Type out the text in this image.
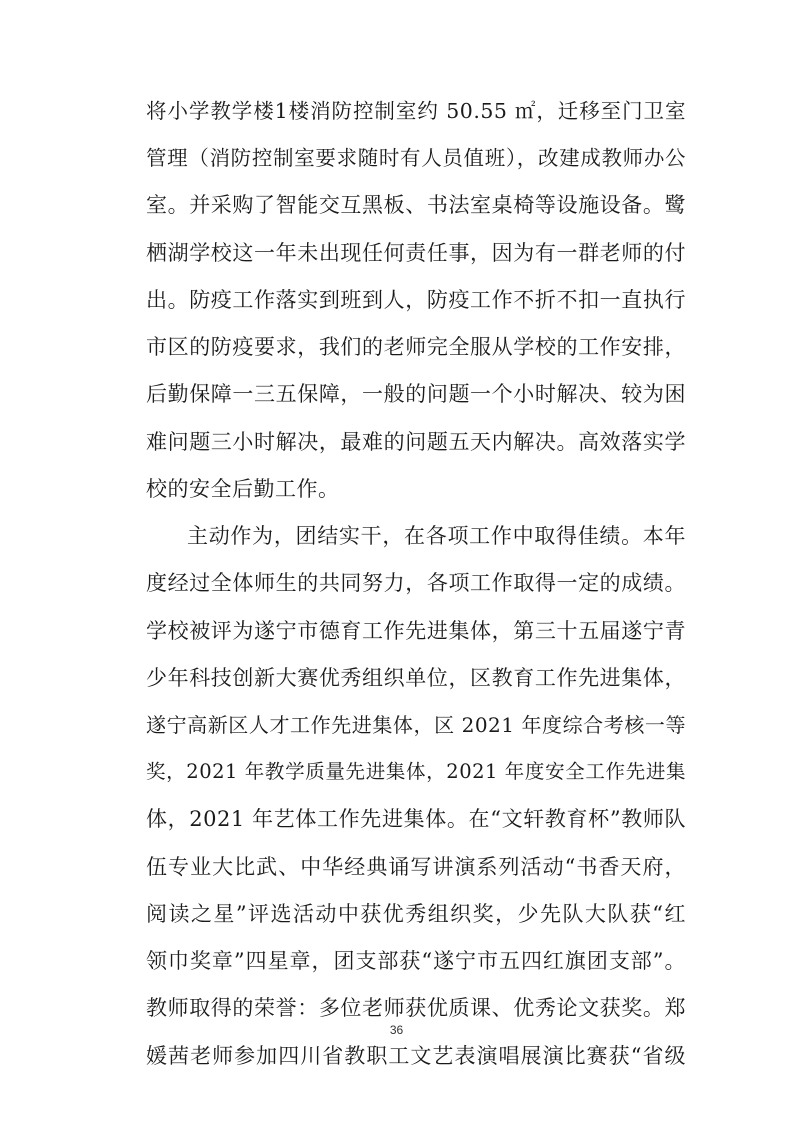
将小学教学楼1楼消防控制室约 50.55 ㎡，迁移至门卫室
管理（消防控制室要求随时有人员值班），改建成教师办公
室。并采购了智能交互黑板、书法室桌椅等设施设备。鹭
栖湖学校这一年未出现任何责任事，因为有一群老师的付
出。防疫工作落实到班到人，防疫工作不折不扣一直执行
市区的防疫要求，我们的老师完全服从学校的工作安排，
后勤保障一三五保障，一般的问题一个小时解决、较为困
难问题三小时解决，最难的问题五天内解决。高效落实学
校的安全后勤工作。
主动作为，团结实干，在各项工作中取得佳绩。本年
度经过全体师生的共同努力，各项工作取得一定的成绩。
学校被评为遂宁市德育工作先进集体，第三十五届遂宁青
少年科技创新大赛优秀组织单位，区教育工作先进集体，
遂宁高新区人才工作先进集体，区 2021 年度综合考核一等
奖，2021 年教学质量先进集体，2021 年度安全工作先进集
体，2021 年艺体工作先进集体。在“文轩教育杯”教师队
伍专业大比武、中华经典诵写讲演系列活动“书香天府，
阅读之星”评选活动中获优秀组织奖，少先队大队获“红
领巾奖章”四星章，团支部获“遂宁市五四红旗团支部”。
教师取得的荣誉：多位老师获优质课、优秀论文获奖。郑
媛茜老师参加四川省教职工文艺表演唱展演比赛获“省级
36
